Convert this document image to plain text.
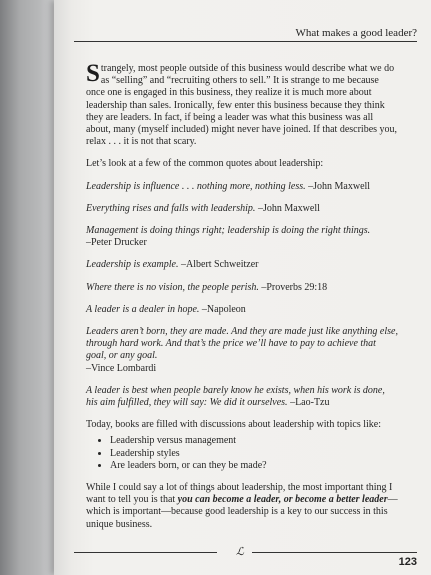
What makes a good leader?

Strangely, most people outside of this business would describe what we do as “selling” and “recruiting others to sell.” It is strange to me because once one is engaged in this business, they realize it is much more about leadership than sales. Ironically, few enter this business because they think they are leaders. In fact, if being a leader was what this business was all about, many (myself included) might never have joined. If that describes you, relax . . . it is not that scary.

Let’s look at a few of the common quotes about leadership:

Leadership is influence . . . nothing more, nothing less. –John Maxwell

Everything rises and falls with leadership. –John Maxwell

Management is doing things right; leadership is doing the right things.
–Peter Drucker

Leadership is example. –Albert Schweitzer

Where there is no vision, the people perish. –Proverbs 29:18

A leader is a dealer in hope. –Napoleon

Leaders aren’t born, they are made. And they are made just like anything else, through hard work. And that’s the price we’ll have to pay to achieve that goal, or any goal.
–Vince Lombardi

A leader is best when people barely know he exists, when his work is done, his aim fulfilled, they will say: We did it ourselves. –Lao-Tzu

Today, books are filled with discussions about leadership with topics like:

• Leadership versus management
• Leadership styles
• Are leaders born, or can they be made?

While I could say a lot of things about leadership, the most important thing I want to tell you is that you can become a leader, or become a better leader— which is important—because good leadership is a key to our success in this unique business.

ℒ
123
